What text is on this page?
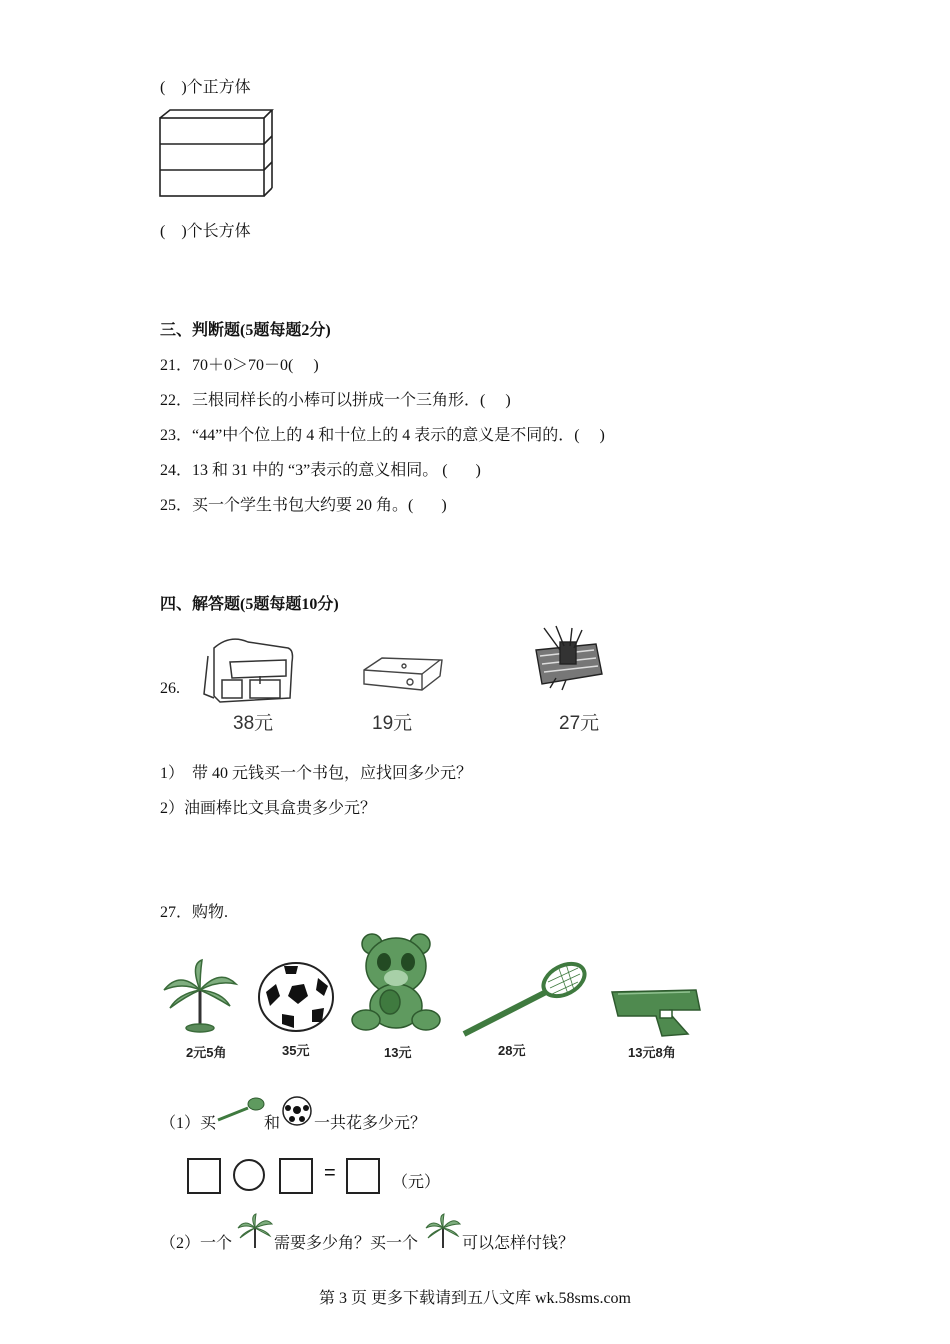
(    )个正方体
(    )个长方体
三、判断题(5题每题2分)
21．70＋0＞70－0(     )
22．三根同样长的小棒可以拼成一个三角形．(     )
23．“44”中个位上的 4 和十位上的 4 表示的意义是不同的．(     )
24．13 和 31 中的 “3”表示的意义相同。 (       )
25．买一个学生书包大约要 20 角。(       )
四、解答题(5题每题10分)
26.
38元	19元	27元
1）  带 40 元钱买一个书包，应找回多少元？
2）油画棒比文具盒贵多少元？
27．购物.
2元5角	35元	13元	28元	13元8角
（1）买	和 一共花多少元？
=	（元）
（2）一个	需要多少角？买一个	可以怎样付钱？
第 3 页 更多下载请到五八文库 wk.58sms.com
